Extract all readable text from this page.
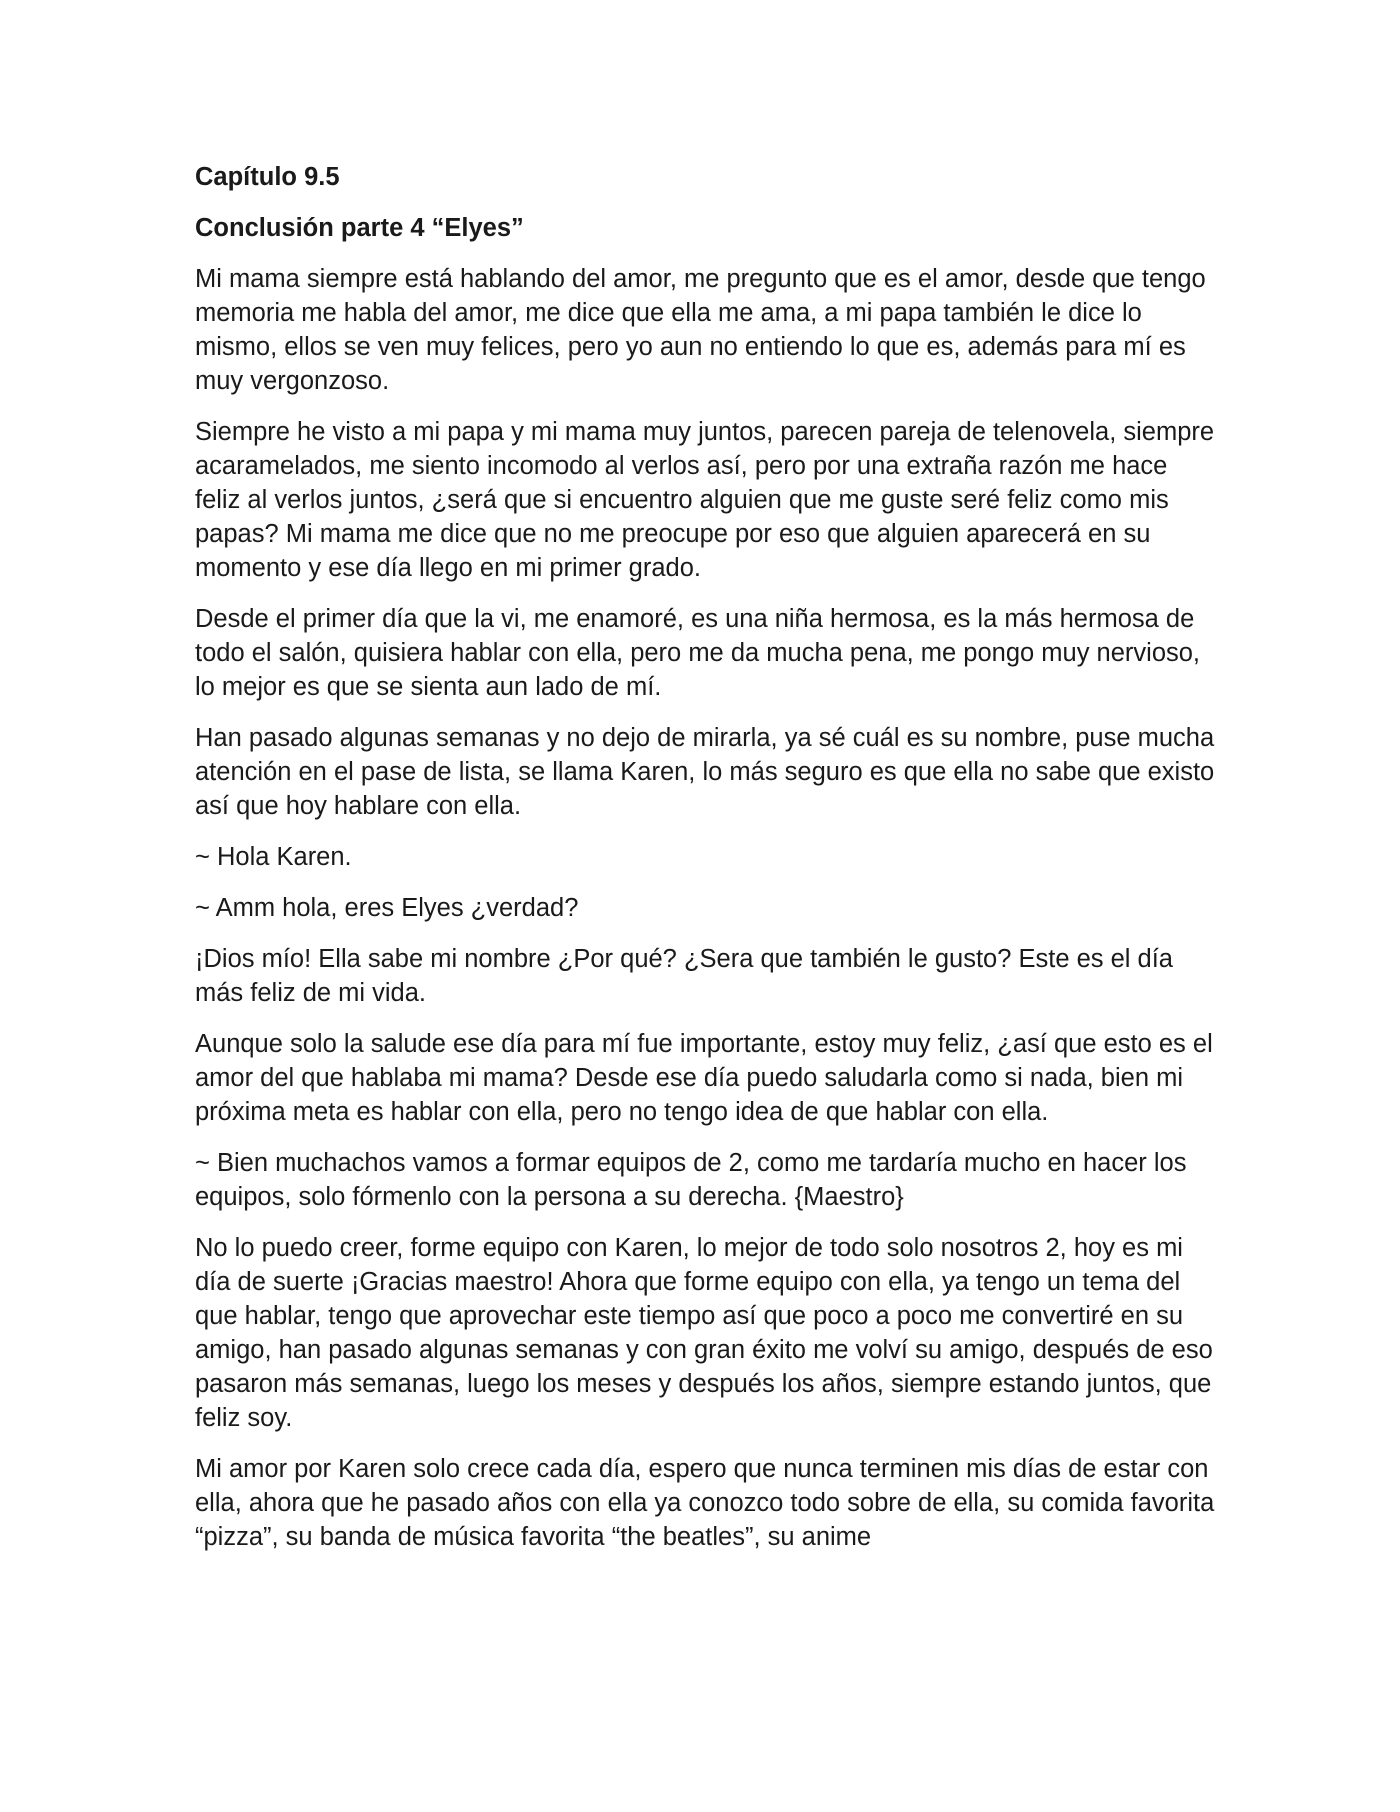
Capítulo 9.5

Conclusión parte 4 “Elyes”

Mi mama siempre está hablando del amor, me pregunto que es el amor, desde que tengo memoria me habla del amor, me dice que ella me ama, a mi papa también le dice lo mismo, ellos se ven muy felices, pero yo aun no entiendo lo que es, además para mí es muy vergonzoso.

Siempre he visto a mi papa y mi mama muy juntos, parecen pareja de telenovela, siempre acaramelados, me siento incomodo al verlos así, pero por una extraña razón me hace feliz al verlos juntos, ¿será que si encuentro alguien que me guste seré feliz como mis papas? Mi mama me dice que no me preocupe por eso que alguien aparecerá en su momento y ese día llego en mi primer grado.

Desde el primer día que la vi, me enamoré, es una niña hermosa, es la más hermosa de todo el salón, quisiera hablar con ella, pero me da mucha pena, me pongo muy nervioso, lo mejor es que se sienta aun lado de mí.

Han pasado algunas semanas y no dejo de mirarla, ya sé cuál es su nombre, puse mucha atención en el pase de lista, se llama Karen, lo más seguro es que ella no sabe que existo así que hoy hablare con ella.

~ Hola Karen.

~ Amm hola, eres Elyes ¿verdad?

¡Dios mío! Ella sabe mi nombre ¿Por qué? ¿Sera que también le gusto? Este es el día más feliz de mi vida.

Aunque solo la salude ese día para mí fue importante, estoy muy feliz, ¿así que esto es el amor del que hablaba mi mama? Desde ese día puedo saludarla como si nada, bien mi próxima meta es hablar con ella, pero no tengo idea de que hablar con ella.

~ Bien muchachos vamos a formar equipos de 2, como me tardaría mucho en hacer los equipos, solo fórmenlo con la persona a su derecha. {Maestro}

No lo puedo creer, forme equipo con Karen, lo mejor de todo solo nosotros 2, hoy es mi día de suerte ¡Gracias maestro! Ahora que forme equipo con ella, ya tengo un tema del que hablar, tengo que aprovechar este tiempo así que poco a poco me convertiré en su amigo, han pasado algunas semanas y con gran éxito me volví su amigo, después de eso pasaron más semanas, luego los meses y después los años, siempre estando juntos, que feliz soy.

Mi amor por Karen solo crece cada día, espero que nunca terminen mis días de estar con ella, ahora que he pasado años con ella ya conozco todo sobre de ella, su comida favorita “pizza”, su banda de música favorita “the beatles”, su anime
